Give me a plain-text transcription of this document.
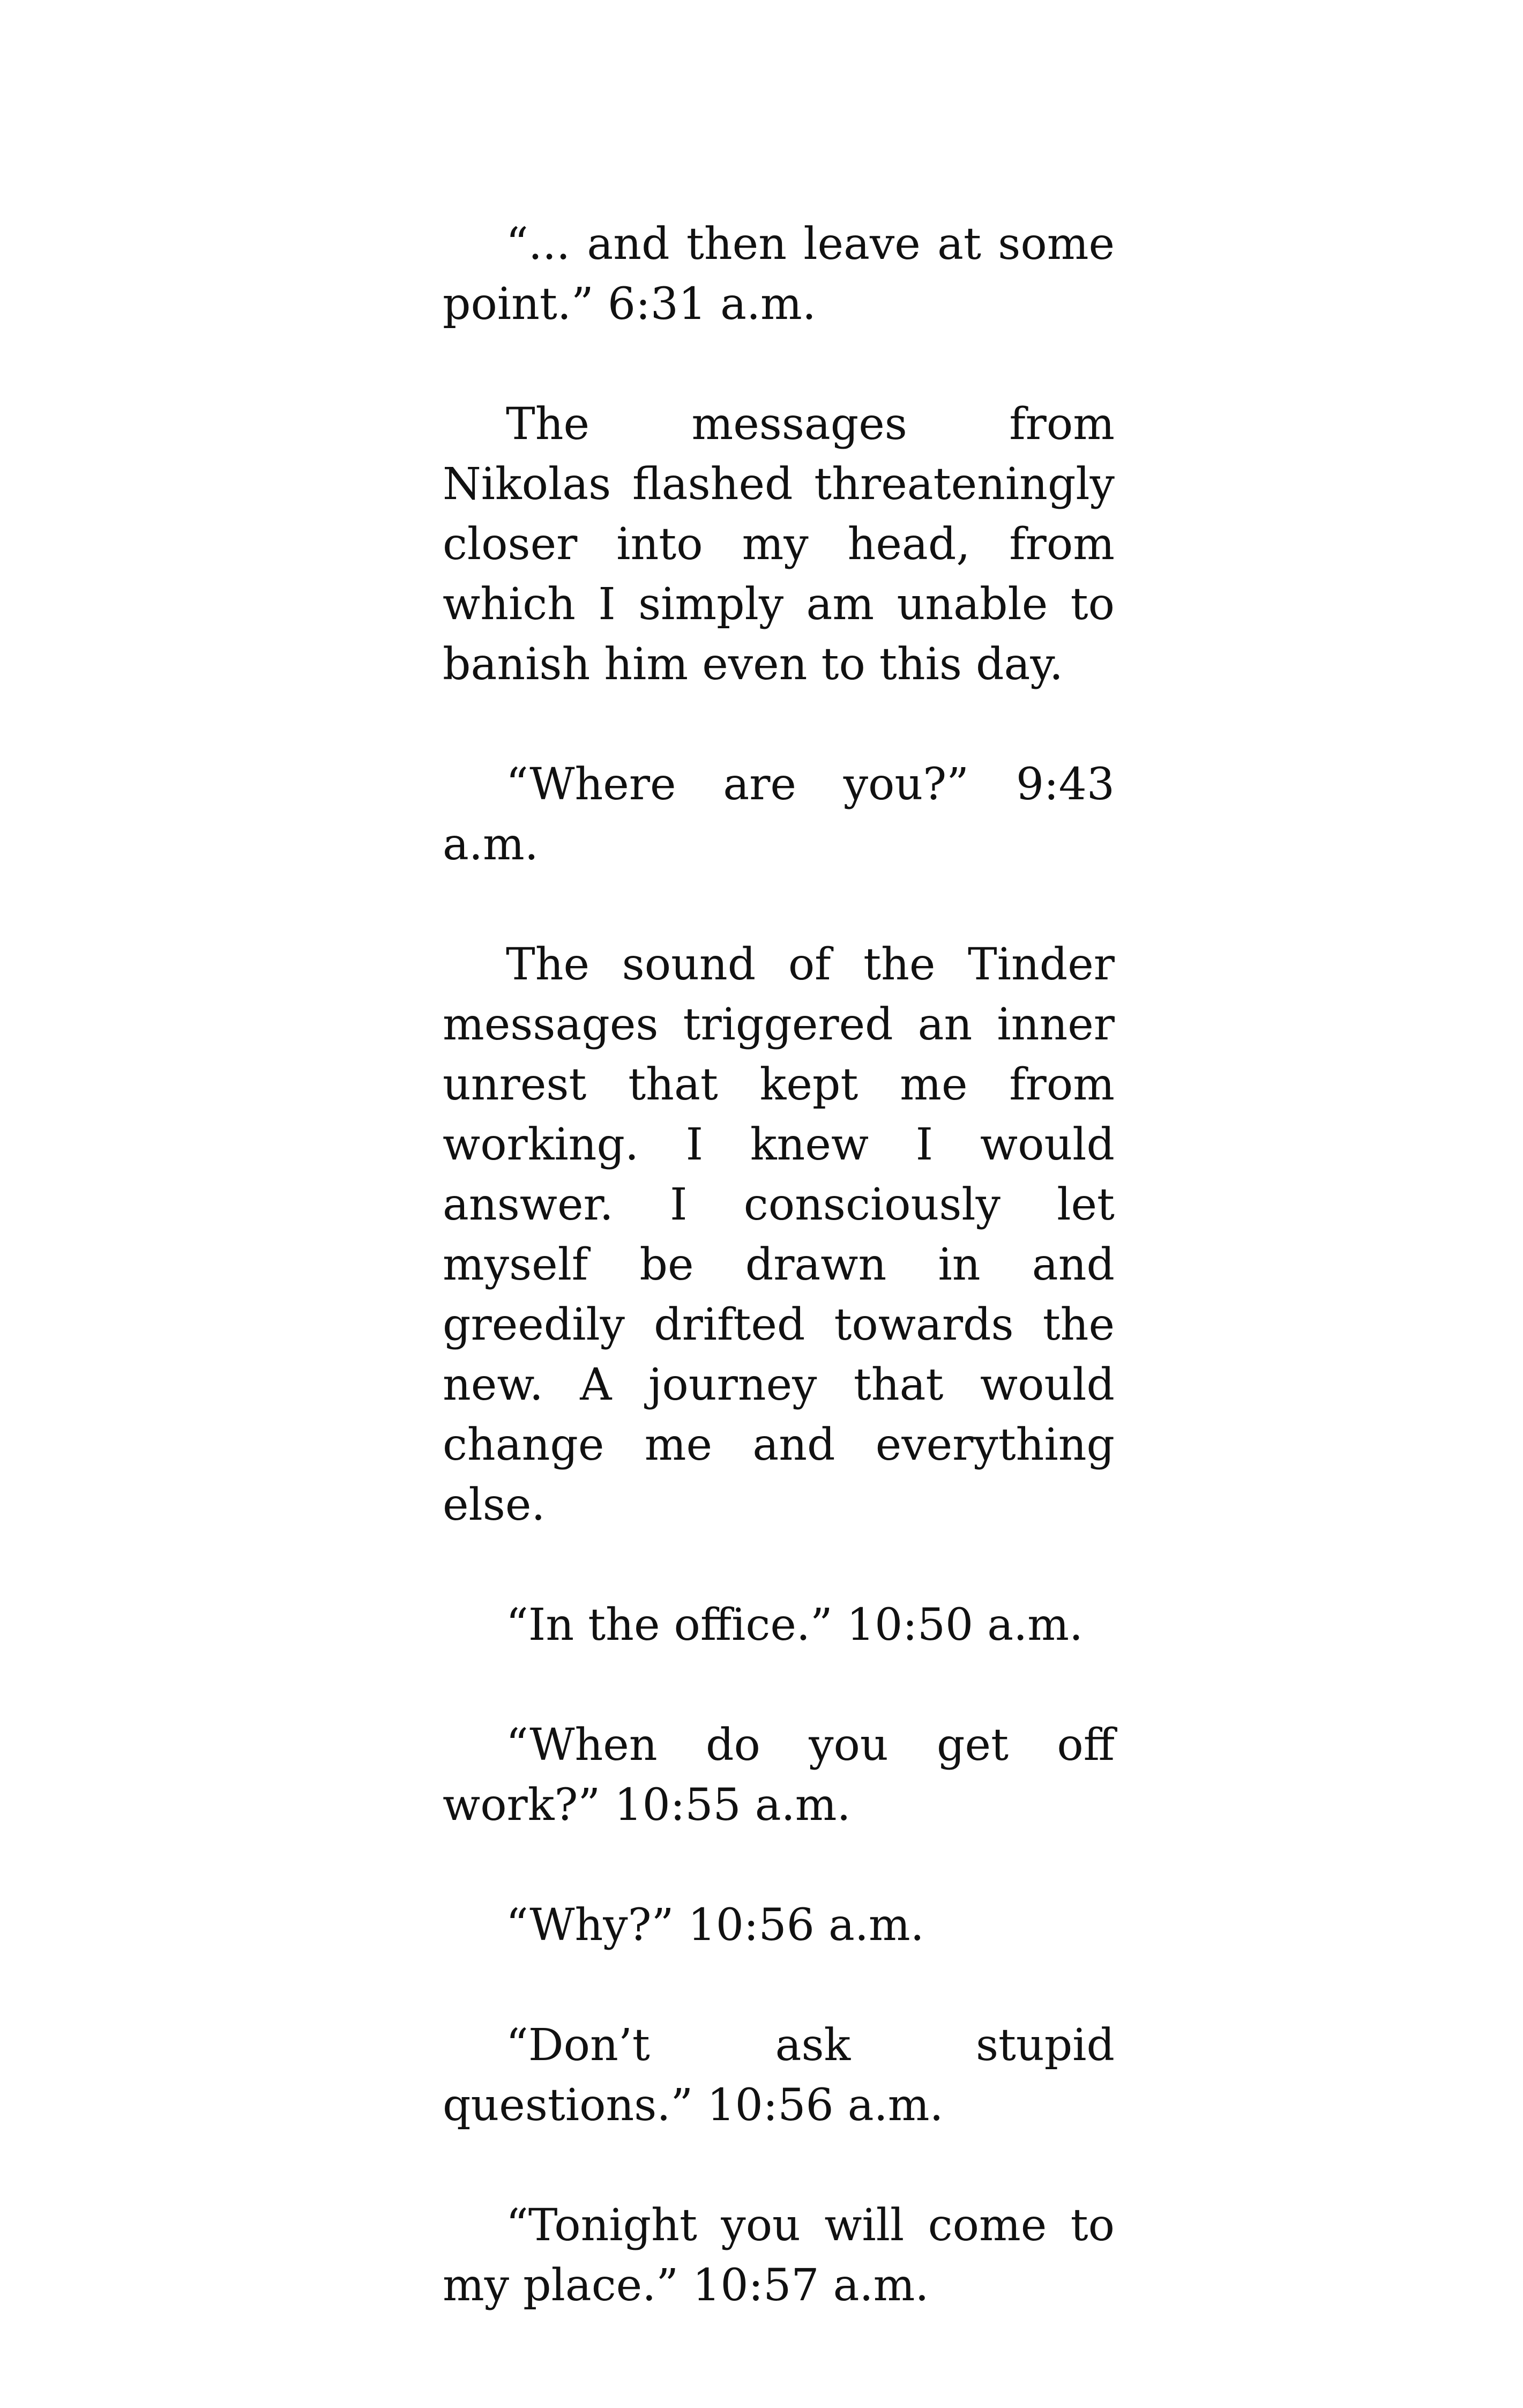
“... and then leave at some point.” 6:31 a.m.

The messages from Nikolas flashed threateningly closer into my head, from which I simply am unable to banish him even to this day.

“Where are you?” 9:43 a.m.

The sound of the Tinder messages triggered an inner unrest that kept me from working. I knew I would answer. I consciously let myself be drawn in and greedily drifted towards the new. A journey that would change me and everything else.

“In the office.” 10:50 a.m.

“When do you get off work?” 10:55 a.m.

“Why?” 10:56 a.m.

“Don’t ask stupid questions.” 10:56 a.m.

“Tonight you will come to my place.” 10:57 a.m.
